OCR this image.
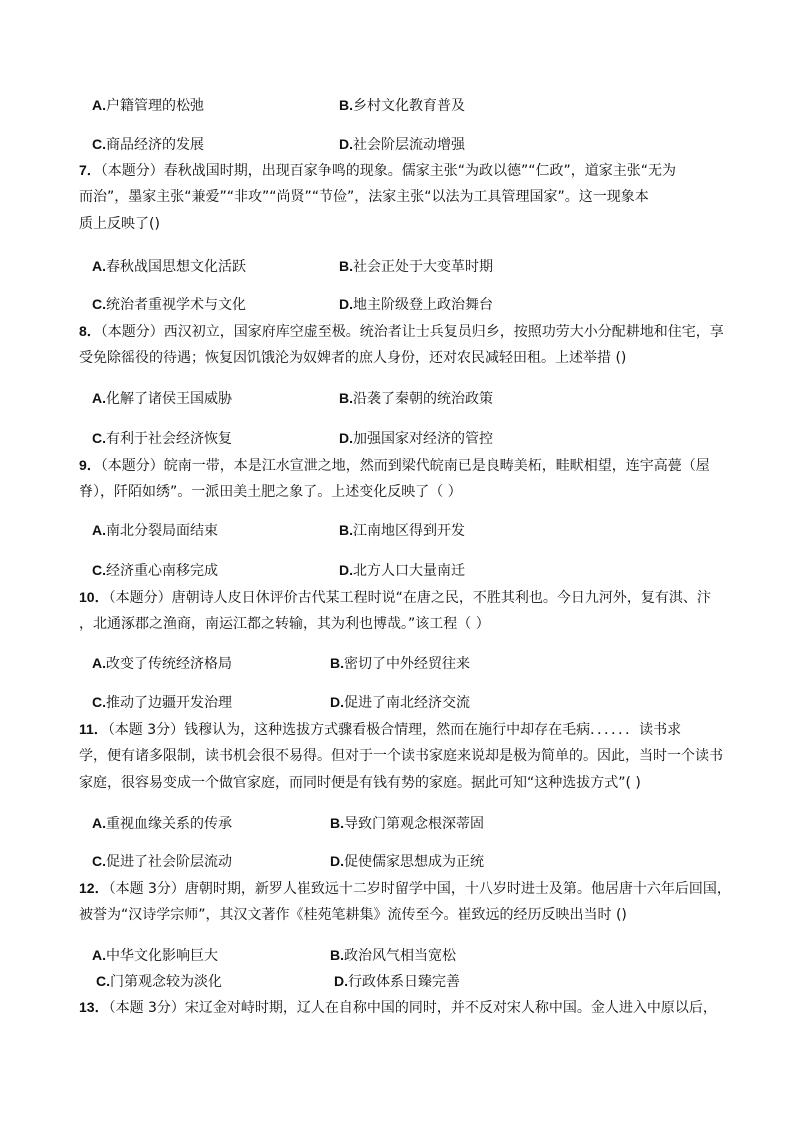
A.户籍管理的松弛	B.乡村文化教育普及
C.商品经济的发展	D.社会阶层流动增强
7．（本题分）春秋战国时期，出现百家争鸣的现象。儒家主张“为政以德”“仁政”，道家主张“无为
而治”，墨家主张“兼爱”“非攻”“尚贤”“节俭”，法家主张“以法为工具管理国家”。这一现象本
质上反映了()
A.春秋战国思想文化活跃	B.社会正处于大变革时期
C.统治者重视学术与文化	D.地主阶级登上政治舞台
8．（本题分）西汉初立，国家府库空虚至极。统治者让士兵复员归乡，按照功劳大小分配耕地和住宅，享
受免除徭役的待遇；恢复因饥饿沦为奴婢者的庶人身份，还对农民减轻田租。上述举措 ()
A.化解了诸侯王国威胁	B.沿袭了秦朝的统治政策
C.有利于社会经济恢复	D.加强国家对经济的管控
9．（本题分）皖南一带，本是江水宣泄之地，然而到梁代皖南已是良畴美柘，畦畎相望，连宇高甍（屋
脊），阡陌如绣”。一派田美土肥之象了。上述变化反映了（ ）
A.南北分裂局面结束	B.江南地区得到开发
C.经济重心南移完成	D.北方人口大量南迁
10．（本题分）唐朝诗人皮日休评价古代某工程时说“在唐之民，不胜其利也。今日九河外，复有淇、汴
，北通涿郡之渔商，南运江都之转输，其为利也博哉。”该工程（ ）
A.改变了传统经济格局	B.密切了中外经贸往来
C.推动了边疆开发治理	D.促进了南北经济交流
11．（本题 3分）钱穆认为，这种选拔方式骤看极合情理，然而在施行中却存在毛病．．．．．．读书求
学，便有诸多限制，读书机会很不易得。但对于一个读书家庭来说却是极为简单的。因此，当时一个读书
家庭，很容易变成一个做官家庭，而同时便是有钱有势的家庭。据此可知“这种选拔方式”( )
A.重视血缘关系的传承	B.导致门第观念根深蒂固
C.促进了社会阶层流动	D.促使儒家思想成为正统
12．（本题 3分）唐朝时期，新罗人崔致远十二岁时留学中国，十八岁时进士及第。他居唐十六年后回国，
被誉为“汉诗学宗师”，其汉文著作《桂苑笔耕集》流传至今。崔致远的经历反映出当时 ()
A.中华文化影响巨大	B.政治风气相当宽松
C.门第观念较为淡化	D.行政体系日臻完善
13．（本题 3分）宋辽金对峙时期，辽人在自称中国的同时，并不反对宋人称中国。金人进入中原以后，
